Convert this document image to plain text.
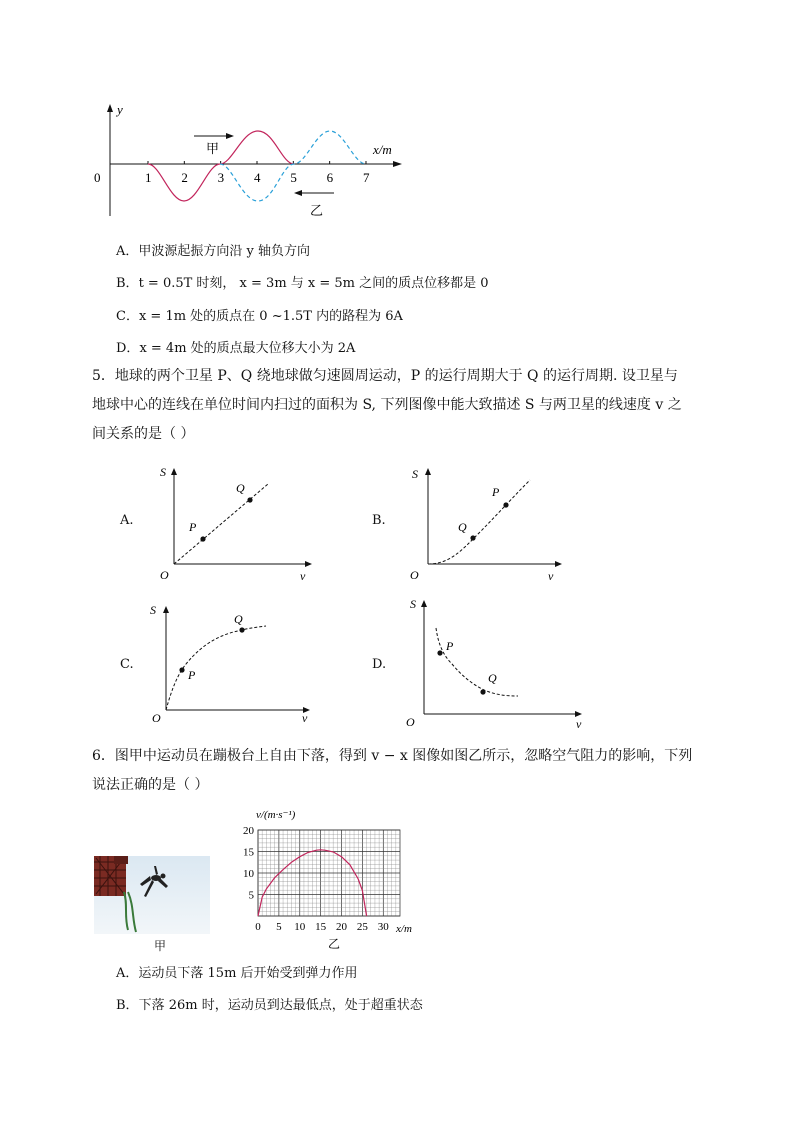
y
x/m
0	1 2 3 4 5 6 7
甲
乙
A．甲波源起振方向沿 y 轴负方向
B．t = 0.5T 时刻， x = 3m 与 x = 5m 之间的质点位移都是 0
C．x = 1m 处的质点在 0 ~1.5T 内的路程为 6A
D．x = 4m 处的质点最大位移大小为 2A
5．地球的两个卫星 P、Q 绕地球做匀速圆周运动，P 的运行周期大于 Q 的运行周期. 设卫星与
地球中心的连线在单位时间内扫过的面积为 S, 下列图像中能大致描述 S 与两卫星的线速度 v 之
间关系的是（ ）
A.
S
v
O
P
Q
B.
S
v
O
Q
P
C.
S
v
O
P
Q
D.
S
v
O
P
Q
6．图甲中运动员在蹦极台上自由下落，得到 v − x 图像如图乙所示，忽略空气阻力的影响，下列
说法正确的是（ ）
甲
0 5 10 15 20 25 30
20
15
10
5
v/(m·s⁻¹)
x/m
乙
A．运动员下落 15m 后开始受到弹力作用
B．下落 26m 时，运动员到达最低点，处于超重状态
